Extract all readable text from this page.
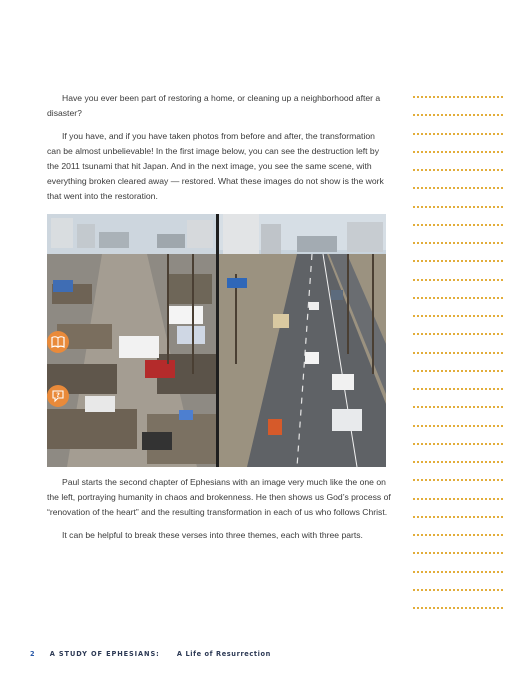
Have you ever been part of restoring a home, or cleaning up a neighborhood after a disaster?

If you have, and if you have taken photos from before and after, the transformation can be almost unbelievable! In the first image below, you can see the destruction left by the 2011 tsunami that hit Japan. And in the next image, you see the same scene, with everything broken cleared away — restored. What these images do not show is the work that went into the restoration.

?

Paul starts the second chapter of Ephesians with an image very much like the one on the left, portraying humanity in chaos and brokenness. He then shows us God’s process of “renovation of the heart” and the resulting transformation in each of us who follows Christ.

It can be helpful to break these verses into three themes, each with three parts.

2 A STUDY OF EPHESIANS:	A Life of Resurrection
